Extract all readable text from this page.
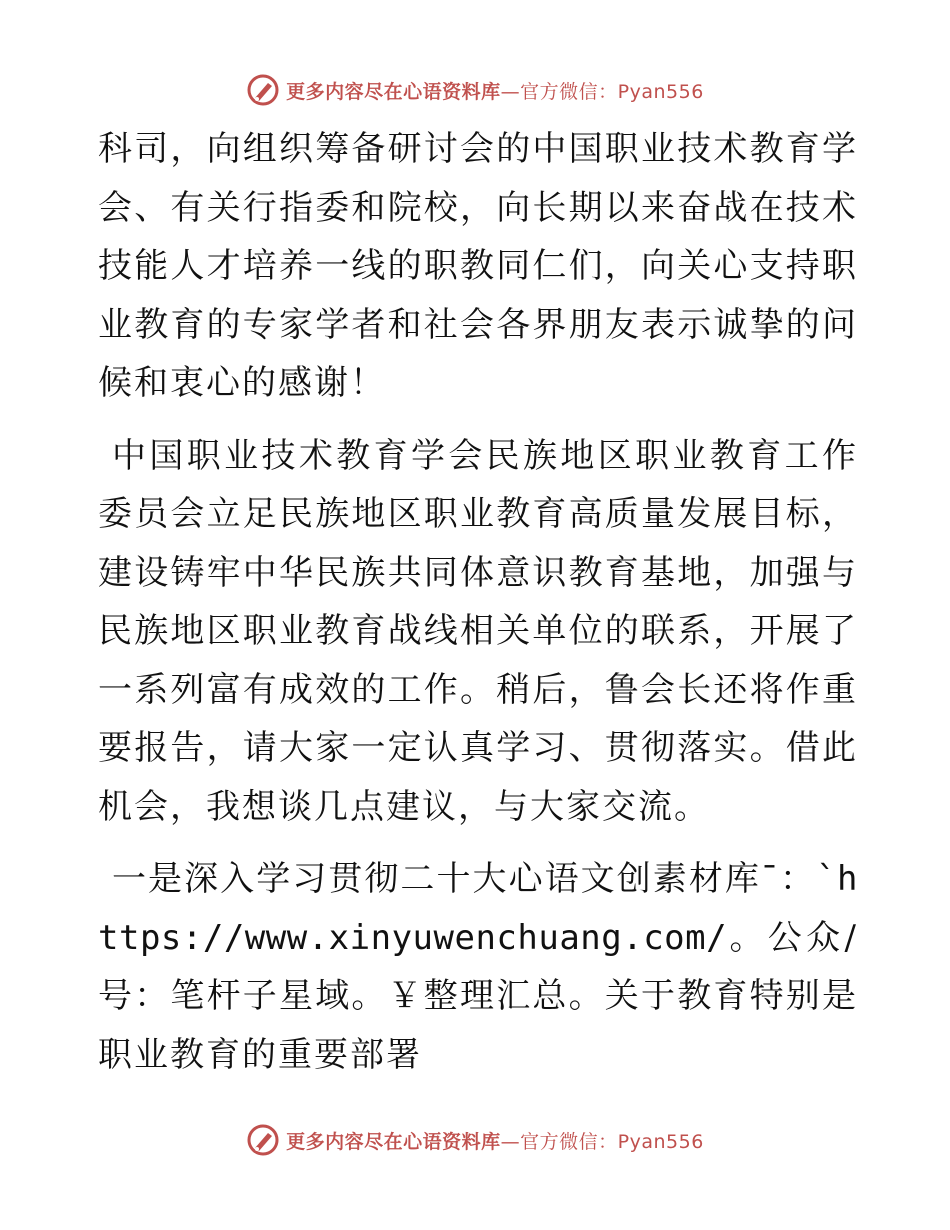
更多内容尽在心语资料库—官方微信：Pyan556

科司，向组织筹备研讨会的中国职业技术教育学会、有关行指委和院校，向长期以来奋战在技术技能人才培养一线的职教同仁们，向关心支持职业教育的专家学者和社会各界朋友表示诚挚的问候和衷心的感谢！

中国职业技术教育学会民族地区职业教育工作委员会立足民族地区职业教育高质量发展目标，建设铸牢中华民族共同体意识教育基地，加强与民族地区职业教育战线相关单位的联系，开展了一系列富有成效的工作。稍后，鲁会长还将作重要报告，请大家一定认真学习、贯彻落实。借此机会，我想谈几点建议，与大家交流。

一是深入学习贯彻二十大心语文创素材库¯：`https://www.xinyuwenchuang.com/。公众/号：笔杆子星域。￥整理汇总。关于教育特别是职业教育的重要部署

更多内容尽在心语资料库—官方微信：Pyan556
